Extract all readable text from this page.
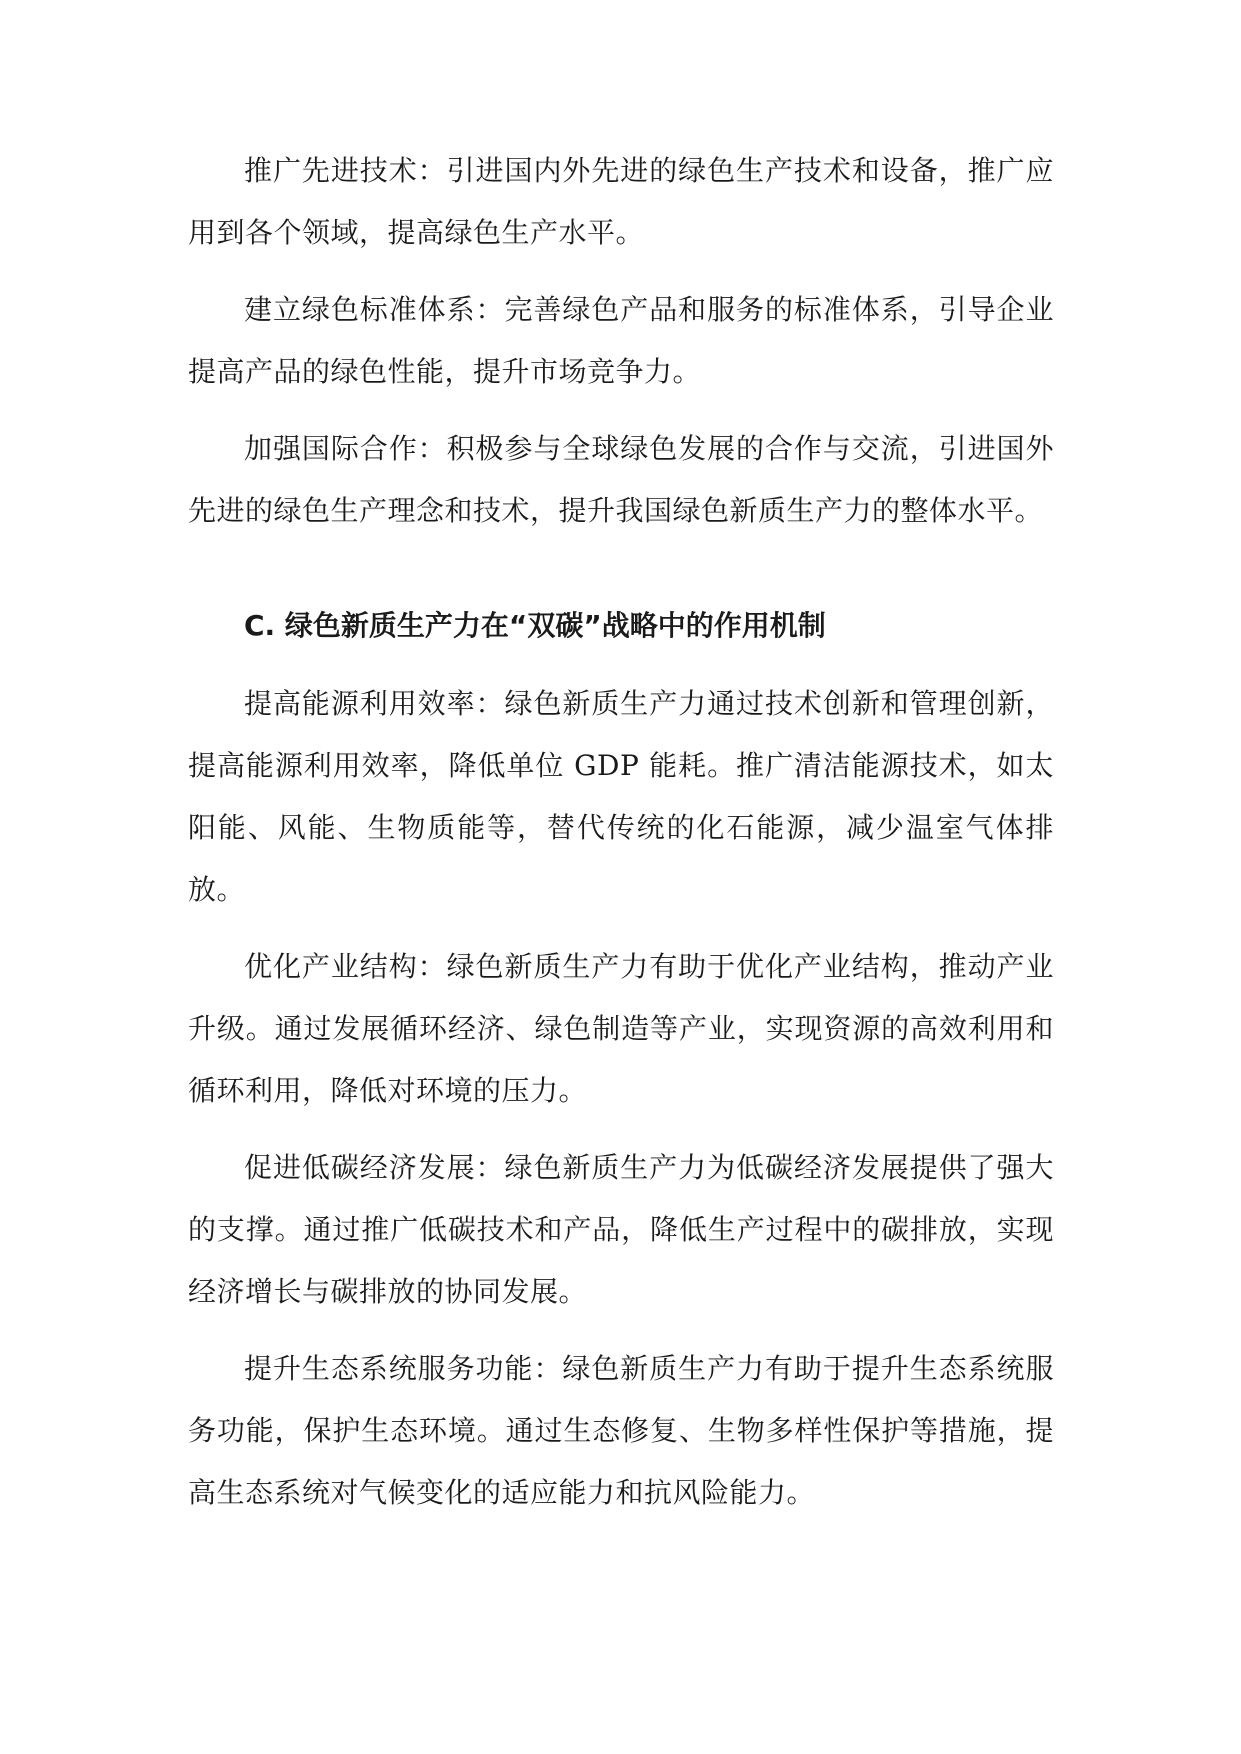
推广先进技术：引进国内外先进的绿色生产技术和设备，推广应用到各个领域，提高绿色生产水平。

建立绿色标准体系：完善绿色产品和服务的标准体系，引导企业提高产品的绿色性能，提升市场竞争力。

加强国际合作：积极参与全球绿色发展的合作与交流，引进国外先进的绿色生产理念和技术，提升我国绿色新质生产力的整体水平。

C. 绿色新质生产力在“双碳”战略中的作用机制

提高能源利用效率：绿色新质生产力通过技术创新和管理创新，提高能源利用效率，降低单位 GDP 能耗。推广清洁能源技术，如太阳能、风能、生物质能等，替代传统的化石能源，减少温室气体排放。

优化产业结构：绿色新质生产力有助于优化产业结构，推动产业升级。通过发展循环经济、绿色制造等产业，实现资源的高效利用和循环利用，降低对环境的压力。

促进低碳经济发展：绿色新质生产力为低碳经济发展提供了强大的支撑。通过推广低碳技术和产品，降低生产过程中的碳排放，实现经济增长与碳排放的协同发展。

提升生态系统服务功能：绿色新质生产力有助于提升生态系统服务功能，保护生态环境。通过生态修复、生物多样性保护等措施，提高生态系统对气候变化的适应能力和抗风险能力。
